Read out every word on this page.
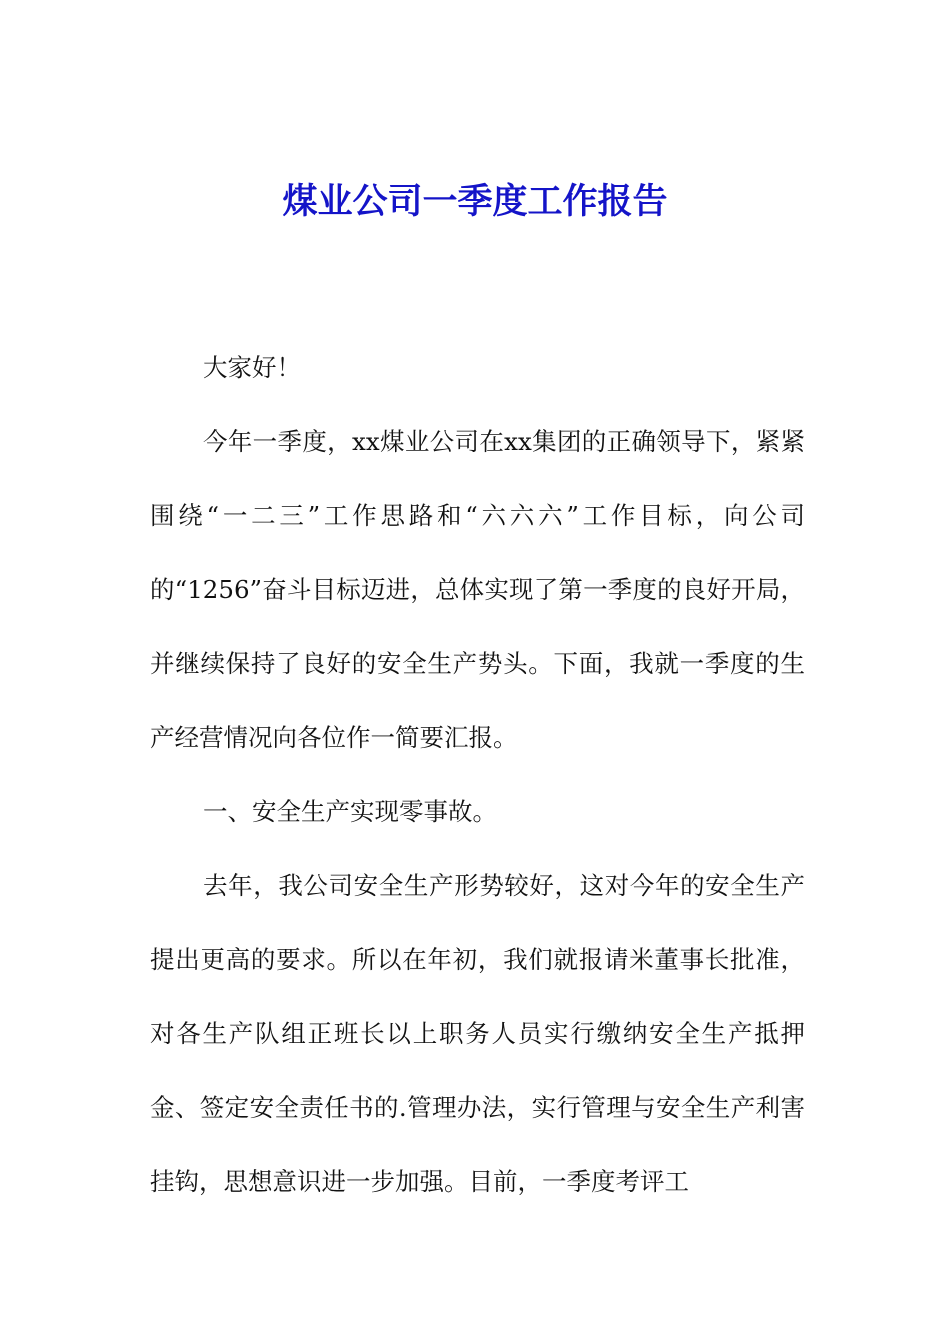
煤业公司一季度工作报告

大家好！

今年一季度，xx煤业公司在xx集团的正确领导下，紧紧围绕“一二三”工作思路和“六六六”工作目标，向公司的“1256”奋斗目标迈进，总体实现了第一季度的良好开局，并继续保持了良好的安全生产势头。下面，我就一季度的生产经营情况向各位作一简要汇报。

一、安全生产实现零事故。

去年，我公司安全生产形势较好，这对今年的安全生产提出更高的要求。所以在年初，我们就报请米董事长批准，对各生产队组正班长以上职务人员实行缴纳安全生产抵押金、签定安全责任书的.管理办法，实行管理与安全生产利害挂钩，思想意识进一步加强。目前，一季度考评工
